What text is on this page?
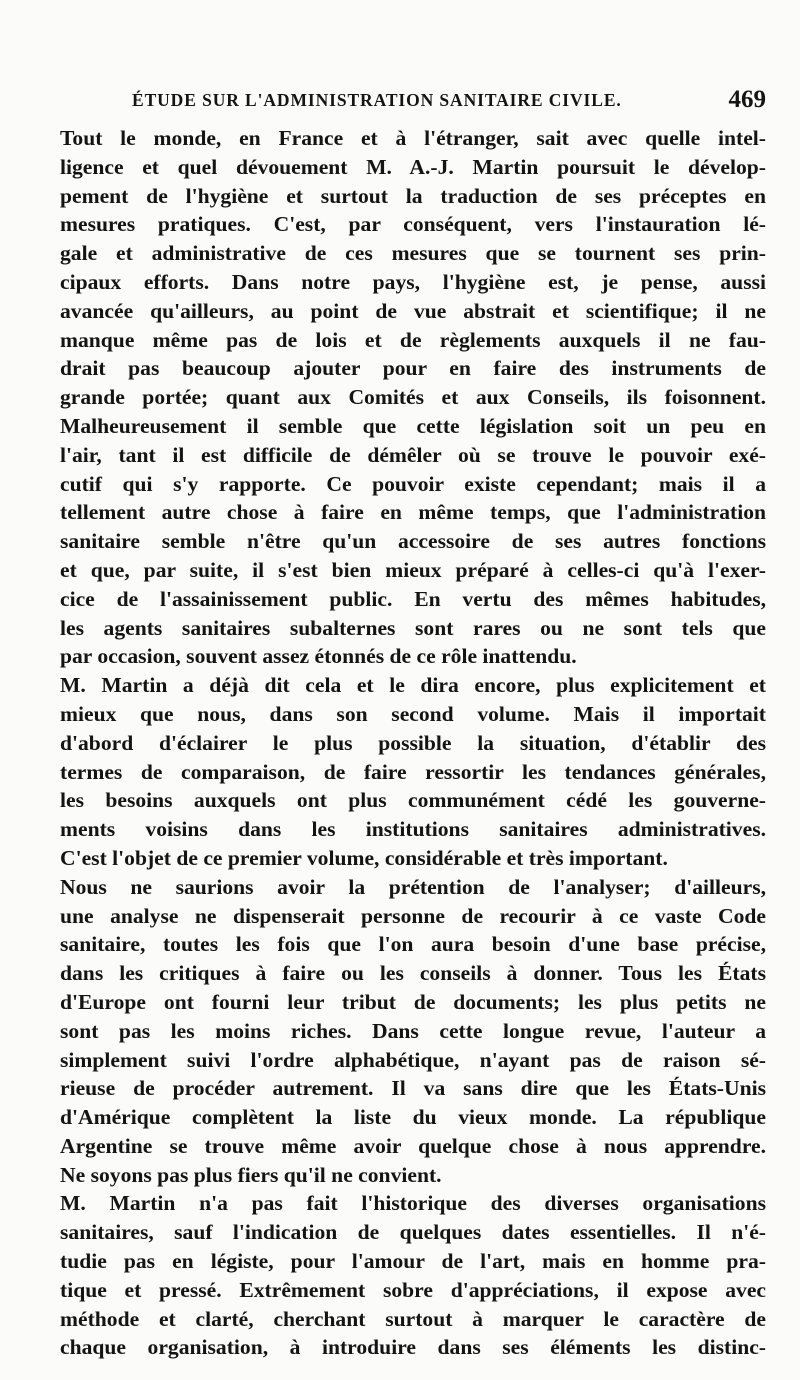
ÉTUDE SUR L'ADMINISTRATION SANITAIRE CIVILE.	469

Tout le monde, en France et à l'étranger, sait avec quelle intel-
ligence et quel dévouement M. A.-J. Martin poursuit le dévelop-
pement de l'hygiène et surtout la traduction de ses préceptes en
mesures pratiques. C'est, par conséquent, vers l'instauration lé-
gale et administrative de ces mesures que se tournent ses prin-
cipaux efforts. Dans notre pays, l'hygiène est, je pense, aussi
avancée qu'ailleurs, au point de vue abstrait et scientifique; il ne
manque même pas de lois et de règlements auxquels il ne fau-
drait pas beaucoup ajouter pour en faire des instruments de
grande portée; quant aux Comités et aux Conseils, ils foisonnent.
Malheureusement il semble que cette législation soit un peu en
l'air, tant il est difficile de démêler où se trouve le pouvoir exé-
cutif qui s'y rapporte. Ce pouvoir existe cependant; mais il a
tellement autre chose à faire en même temps, que l'administration
sanitaire semble n'être qu'un accessoire de ses autres fonctions
et que, par suite, il s'est bien mieux préparé à celles-ci qu'à l'exer-
cice de l'assainissement public. En vertu des mêmes habitudes,
les agents sanitaires subalternes sont rares ou ne sont tels que
par occasion, souvent assez étonnés de ce rôle inattendu.

M. Martin a déjà dit cela et le dira encore, plus explicitement et
mieux que nous, dans son second volume. Mais il importait
d'abord d'éclairer le plus possible la situation, d'établir des
termes de comparaison, de faire ressortir les tendances générales,
les besoins auxquels ont plus communément cédé les gouverne-
ments voisins dans les institutions sanitaires administratives.
C'est l'objet de ce premier volume, considérable et très important.

Nous ne saurions avoir la prétention de l'analyser; d'ailleurs,
une analyse ne dispenserait personne de recourir à ce vaste Code
sanitaire, toutes les fois que l'on aura besoin d'une base précise,
dans les critiques à faire ou les conseils à donner. Tous les États
d'Europe ont fourni leur tribut de documents; les plus petits ne
sont pas les moins riches. Dans cette longue revue, l'auteur a
simplement suivi l'ordre alphabétique, n'ayant pas de raison sé-
rieuse de procéder autrement. Il va sans dire que les États-Unis
d'Amérique complètent la liste du vieux monde. La république
Argentine se trouve même avoir quelque chose à nous apprendre.
Ne soyons pas plus fiers qu'il ne convient.

M. Martin n'a pas fait l'historique des diverses organisations
sanitaires, sauf l'indication de quelques dates essentielles. Il n'é-
tudie pas en légiste, pour l'amour de l'art, mais en homme pra-
tique et pressé. Extrêmement sobre d'appréciations, il expose avec
méthode et clarté, cherchant surtout à marquer le caractère de
chaque organisation, à introduire dans ses éléments les distinc-
